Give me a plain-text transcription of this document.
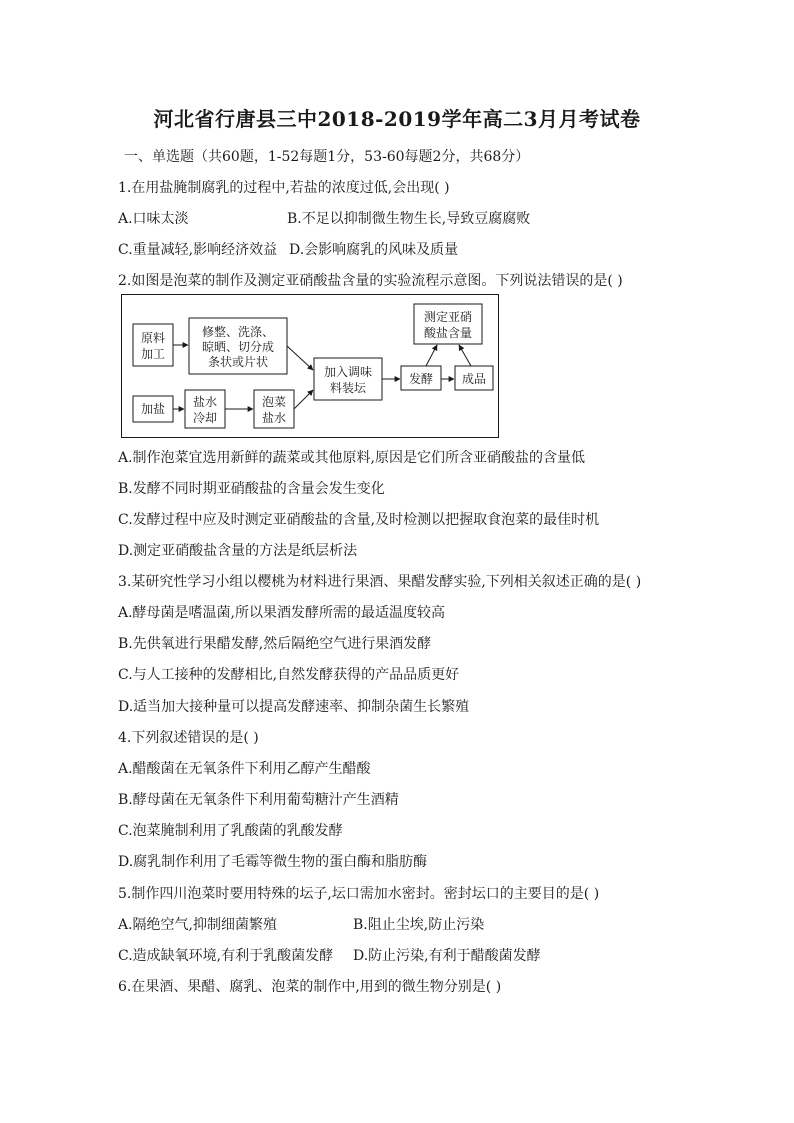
河北省行唐县三中2018-2019学年高二3月月考试卷
一、单选题（共60题，1-52每题1分，53-60每题2分，共68分）
1.在用盐腌制腐乳的过程中,若盐的浓度过低,会出现( )
A.口味太淡	B.不足以抑制微生物生长,导致豆腐腐败
C.重量减轻,影响经济效益 D.会影响腐乳的风味及质量
2.如图是泡菜的制作及测定亚硝酸盐含量的实验流程示意图。下列说法错误的是( )
原料
加工
修整、洗涤、
晾晒、切分成
条状或片状
加盐 盐水
冷却
泡菜
盐水
加入调味
料装坛
发酵 成品
测定亚硝
酸盐含量
A.制作泡菜宜选用新鲜的蔬菜或其他原料,原因是它们所含亚硝酸盐的含量低
B.发酵不同时期亚硝酸盐的含量会发生变化
C.发酵过程中应及时测定亚硝酸盐的含量,及时检测以把握取食泡菜的最佳时机
D.测定亚硝酸盐含量的方法是纸层析法
3.某研究性学习小组以樱桃为材料进行果酒、果醋发酵实验,下列相关叙述正确的是( )
A.酵母菌是嗜温菌,所以果酒发酵所需的最适温度较高
B.先供氧进行果醋发酵,然后隔绝空气进行果酒发酵
C.与人工接种的发酵相比,自然发酵获得的产品品质更好
D.适当加大接种量可以提高发酵速率、抑制杂菌生长繁殖
4.下列叙述错误的是( )
A.醋酸菌在无氧条件下利用乙醇产生醋酸
B.酵母菌在无氧条件下利用葡萄糖汁产生酒精
C.泡菜腌制利用了乳酸菌的乳酸发酵
D.腐乳制作利用了毛霉等微生物的蛋白酶和脂肪酶
5.制作四川泡菜时要用特殊的坛子,坛口需加水密封。密封坛口的主要目的是( )
A.隔绝空气,抑制细菌繁殖	B.阻止尘埃,防止污染
C.造成缺氧环境,有利于乳酸菌发酵 D.防止污染,有利于醋酸菌发酵
6.在果酒、果醋、腐乳、泡菜的制作中,用到的微生物分别是( )
